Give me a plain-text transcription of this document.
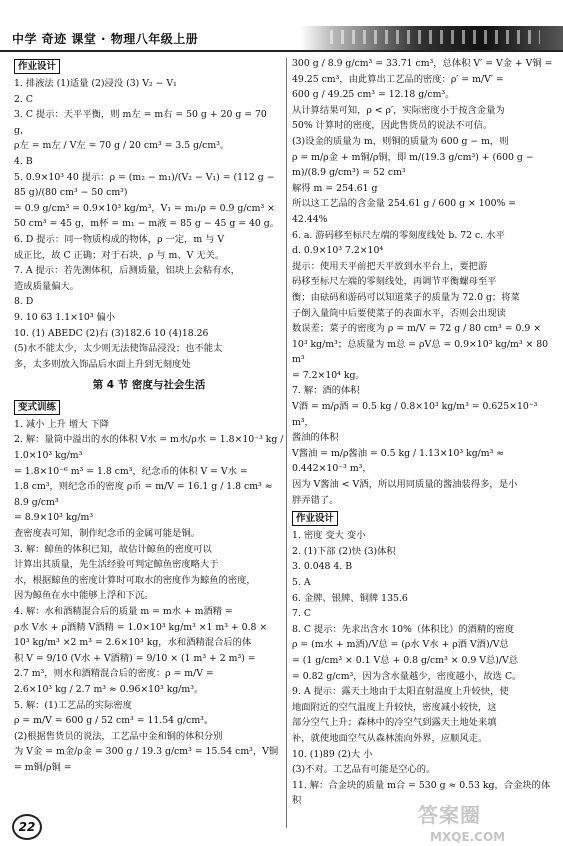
中学 奇迹 课堂 · 物理八年级上册
作业设计

1. 排液法 (1)适量 (2)浸没 (3) V₂ − V₁

2. C

3. C 提示：天平平衡，则 m左 = m右 = 50 g + 20 g = 70 g，

ρ左 = m左 / V左 = 70 g / 20 cm³ = 3.5 g/cm³。

4. B

5. 0.9×10³ 40 提示：ρ = (m₂ − m₁)/(V₂ − V₁) = (112 g − 85 g)/(80 cm³ − 50 cm³)

= 0.9 g/cm³ = 0.9×10³ kg/m³，V₁ = m₁/ρ = 0.9 g/cm³ ×

50 cm³ = 45 g，m杯 = m₁ − m液 = 85 g − 45 g = 40 g。

6. D 提示：同一物质构成的物体，ρ 一定，m 与 V

成正比，故 C 正确；对于石块，ρ 与 m、V 无关。

7. A 提示：若先测体积，后测质量，铝块上会粘有水，

造成质量偏大。

8. D

9. 10 63 1.1×10³ 偏小

10. (1) ABEDC (2)右 (3)182.6 10 (4)18.26

(5)水不能太少，太少则无法使饰品浸没；也不能太

多，太多则放入饰品后水面上升到无刻度处

第 4 节 密度与社会生活
变式训练

1. 减小 上升 增大 下降

2. 解：量筒中溢出的水的体积 V水 = m水/ρ水 = 1.8×10⁻³ kg / 1.0×10³ kg/m³

= 1.8×10⁻⁶ m³ = 1.8 cm³，纪念币的体积 V = V水 =

1.8 cm³，则纪念币的密度 ρ币 = m/V = 16.1 g / 1.8 cm³ ≈ 8.9 g/cm³

= 8.9×10³ kg/m³

查密度表可知，制作纪念币的金属可能是铜。

3. 解：鲸鱼的体积已知，故估计鲸鱼的密度可以

计算出其质量，先生活经验可判定鲸鱼密度略大于

水，根据鲸鱼的密度计算时可取水的密度作为鲸鱼的密度，

因为鲸鱼在水中能够上浮和下沉。

4. 解：水和酒精混合后的质量 m = m水 + m酒精 =

ρ水 V水 + ρ酒精 V酒精 = 1.0×10³ kg/m³ ×1 m³ + 0.8 ×

10³ kg/m³ ×2 m³ = 2.6×10³ kg，水和酒精混合后的体

积 V = 9/10 (V水 + V酒精) = 9/10 × (1 m³ + 2 m³) =

2.7 m³，则水和酒精混合后的密度：ρ = m/V =

2.6×10³ kg / 2.7 m³ ≈ 0.96×10³ kg/m³。

5. 解：(1)工艺品的实际密度

ρ = m/V = 600 g / 52 cm³ = 11.54 g/cm³。

(2)根据售货员的说法，工艺品中金和铜的体积分别

为 V金 = m金/ρ金 = 300 g / 19.3 g/cm³ = 15.54 cm³，V铜 = m铜/ρ铜 =

300 g / 8.9 g/cm³ = 33.71 cm³，总体积 V′ = V金 + V铜 =

49.25 cm³，由此算出工艺品的密度：ρ′ = m/V′ =

600 g / 49.25 cm³ = 12.18 g/cm³。

从计算结果可知，ρ < ρ′，实际密度小于按含金量为

50% 计算时的密度，因此售货员的说法不可信。

(3)设金的质量为 m，则铜的质量为 600 g − m，则

ρ = m/ρ金 + m铜/ρ铜，即 m/(19.3 g/cm³) + (600 g − m)/(8.9 g/cm³) = 52 cm³

解得 m = 254.61 g

所以这工艺品的含金量 254.61 g / 600 g × 100% = 42.44%

6. a. 游码移至标尺左端的零刻度线处 b. 72 c. 水平

d. 0.9×10³ 7.2×10⁴

提示：使用天平前把天平放到水平台上，要把游

码移至标尺左端的零刻线处，再调节平衡螺母至平

衡；由砝码和游码可以知道菜子的质量为 72.0 g；将菜

子倒入量筒中后要使菜子的表面水平，否则会出现读

数误差；菜子的密度为 ρ = m/V = 72 g / 80 cm³ = 0.9 ×

10³ kg/m³；总质量为 m总 = ρV总 = 0.9×10³ kg/m³ × 80 m³

= 7.2×10⁴ kg。

7. 解：酒的体积

V酒 = m/ρ酒 = 0.5 kg / 0.8×10³ kg/m³ = 0.625×10⁻³ m³，

酱油的体积

V酱油 = m/ρ酱油 = 0.5 kg / 1.13×10³ kg/m³ ≈ 0.442×10⁻³ m³，

因为 V酱油 < V酒，所以用同质量的酱油装得多，是小

胖弄错了。

作业设计

1. 密度 变大 变小

2. (1)下部 (2)快 (3)体积

3. 0.048 4. B

5. A

6. 金牌、银牌、铜牌 135.6

7. C

8. C 提示：先求出含水 10%（体积比）的酒精的密度

ρ = (m水 + m酒)/V总 = (ρ水 V水 + ρ酒 V酒)/V总

= (1 g/cm³ × 0.1 V总 + 0.8 g/cm³ × 0.9 V总)/V总

= 0.82 g/cm³，因为含水量越少，密度越小，故选 C。

9. A 提示：露天土地由于太阳直射温度上升较快，使

地面附近的空气温度上升较快，密度减小较快，这

部分空气上升；森林中的冷空气到露天土地处来填

补，就使地面空气从森林流向外界，应顺风走。

10. (1)89 (2)大 小

(3)不对。工艺品有可能是空心的。

11. 解：合金块的质量 m合 = 530 g ≈ 0.53 kg，合金块的体积

22	答案圈
MXQE.COM
